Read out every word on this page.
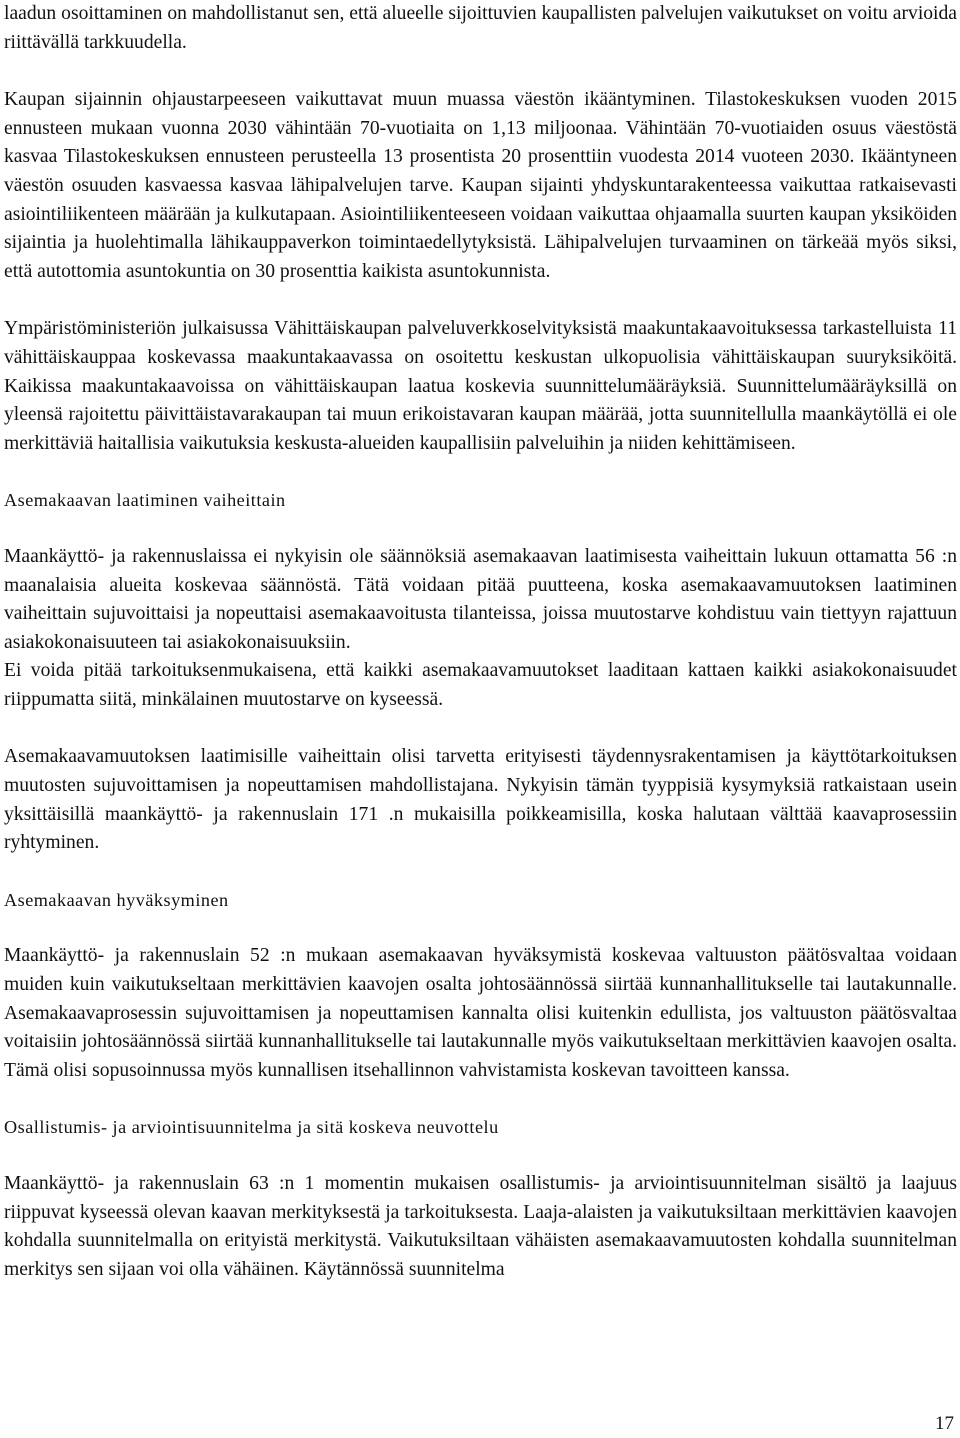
laadun osoittaminen on mahdollistanut sen, että alueelle sijoittuvien kaupallisten palvelujen vaikutukset on voitu arvioida riittävällä tarkkuudella.

Kaupan sijainnin ohjaustarpeeseen vaikuttavat muun muassa väestön ikääntyminen. Tilastokeskuksen vuoden 2015 ennusteen mukaan vuonna 2030 vähintään 70-vuotiaita on 1,13 miljoonaa. Vähintään 70-vuotiaiden osuus väestöstä kasvaa Tilastokeskuksen ennusteen perusteella 13 prosentista 20 prosenttiin vuodesta 2014 vuoteen 2030. Ikääntyneen väestön osuuden kasvaessa kasvaa lähipalvelujen tarve. Kaupan sijainti yhdyskuntarakenteessa vaikuttaa ratkaisevasti asiointiliikenteen määrään ja kulkutapaan. Asiointiliikenteeseen voidaan vaikuttaa ohjaamalla suurten kaupan yksiköiden sijaintia ja huolehtimalla lähikauppaverkon toimintaedellytyksistä. Lähipalvelujen turvaaminen on tärkeää myös siksi, että autottomia asuntokuntia on 30 prosenttia kaikista asuntokunnista.

Ympäristöministeriön julkaisussa Vähittäiskaupan palveluverkkoselvityksistä maakuntakaavoituksessa tarkastelluista 11 vähittäiskauppaa koskevassa maakuntakaavassa on osoitettu keskustan ulkopuolisia vähittäiskaupan suuryksiköitä. Kaikissa maakuntakaavoissa on vähittäiskaupan laatua koskevia suunnittelumääräyksiä. Suunnittelumääräyksillä on yleensä rajoitettu päivittäistavarakaupan tai muun erikoistavaran kaupan määrää, jotta suunnitellulla maankäytöllä ei ole merkittäviä haitallisia vaikutuksia keskusta-alueiden kaupallisiin palveluihin ja niiden kehittämiseen.

Asemakaavan laatiminen vaiheittain

Maankäyttö- ja rakennuslaissa ei nykyisin ole säännöksiä asemakaavan laatimisesta vaiheittain lukuun ottamatta 56 :n maanalaisia alueita koskevaa säännöstä. Tätä voidaan pitää puutteena, koska asemakaavamuutoksen laatiminen vaiheittain sujuvoittaisi ja nopeuttaisi asemakaavoitusta tilanteissa, joissa muutostarve kohdistuu vain tiettyyn rajattuun asiakokonaisuuteen tai asiakokonaisuuksiin.

Ei voida pitää tarkoituksenmukaisena, että kaikki asemakaavamuutokset laaditaan kattaen kaikki asiakokonaisuudet riippumatta siitä, minkälainen muutostarve on kyseessä.

Asemakaavamuutoksen laatimisille vaiheittain olisi tarvetta erityisesti täydennysrakentamisen ja käyttötarkoituksen muutosten sujuvoittamisen ja nopeuttamisen mahdollistajana. Nykyisin tämän tyyppisiä kysymyksiä ratkaistaan usein yksittäisillä maankäyttö- ja rakennuslain 171 .n mukaisilla poikkeamisilla, koska halutaan välttää kaavaprosessiin ryhtyminen.

Asemakaavan hyväksyminen

Maankäyttö- ja rakennuslain 52 :n mukaan asemakaavan hyväksymistä koskevaa valtuuston päätösvaltaa voidaan muiden kuin vaikutukseltaan merkittävien kaavojen osalta johtosäännössä siirtää kunnanhallitukselle tai lautakunnalle. Asemakaavaprosessin sujuvoittamisen ja nopeuttamisen kannalta olisi kuitenkin edullista, jos valtuuston päätösvaltaa voitaisiin johtosäännössä siirtää kunnanhallitukselle tai lautakunnalle myös vaikutukseltaan merkittävien kaavojen osalta. Tämä olisi sopusoinnussa myös kunnallisen itsehallinnon vahvistamista koskevan tavoitteen kanssa.

Osallistumis- ja arviointisuunnitelma ja sitä koskeva neuvottelu

Maankäyttö- ja rakennuslain 63 :n 1 momentin mukaisen osallistumis- ja arviointisuunnitelman sisältö ja laajuus riippuvat kyseessä olevan kaavan merkityksestä ja tarkoituksesta. Laaja-alaisten ja vaikutuksiltaan merkittävien kaavojen kohdalla suunnitelmalla on erityistä merkitystä. Vaikutuksiltaan vähäisten asemakaavamuutosten kohdalla suunnitelman merkitys sen sijaan voi olla vähäinen. Käytännössä suunnitelma

17
